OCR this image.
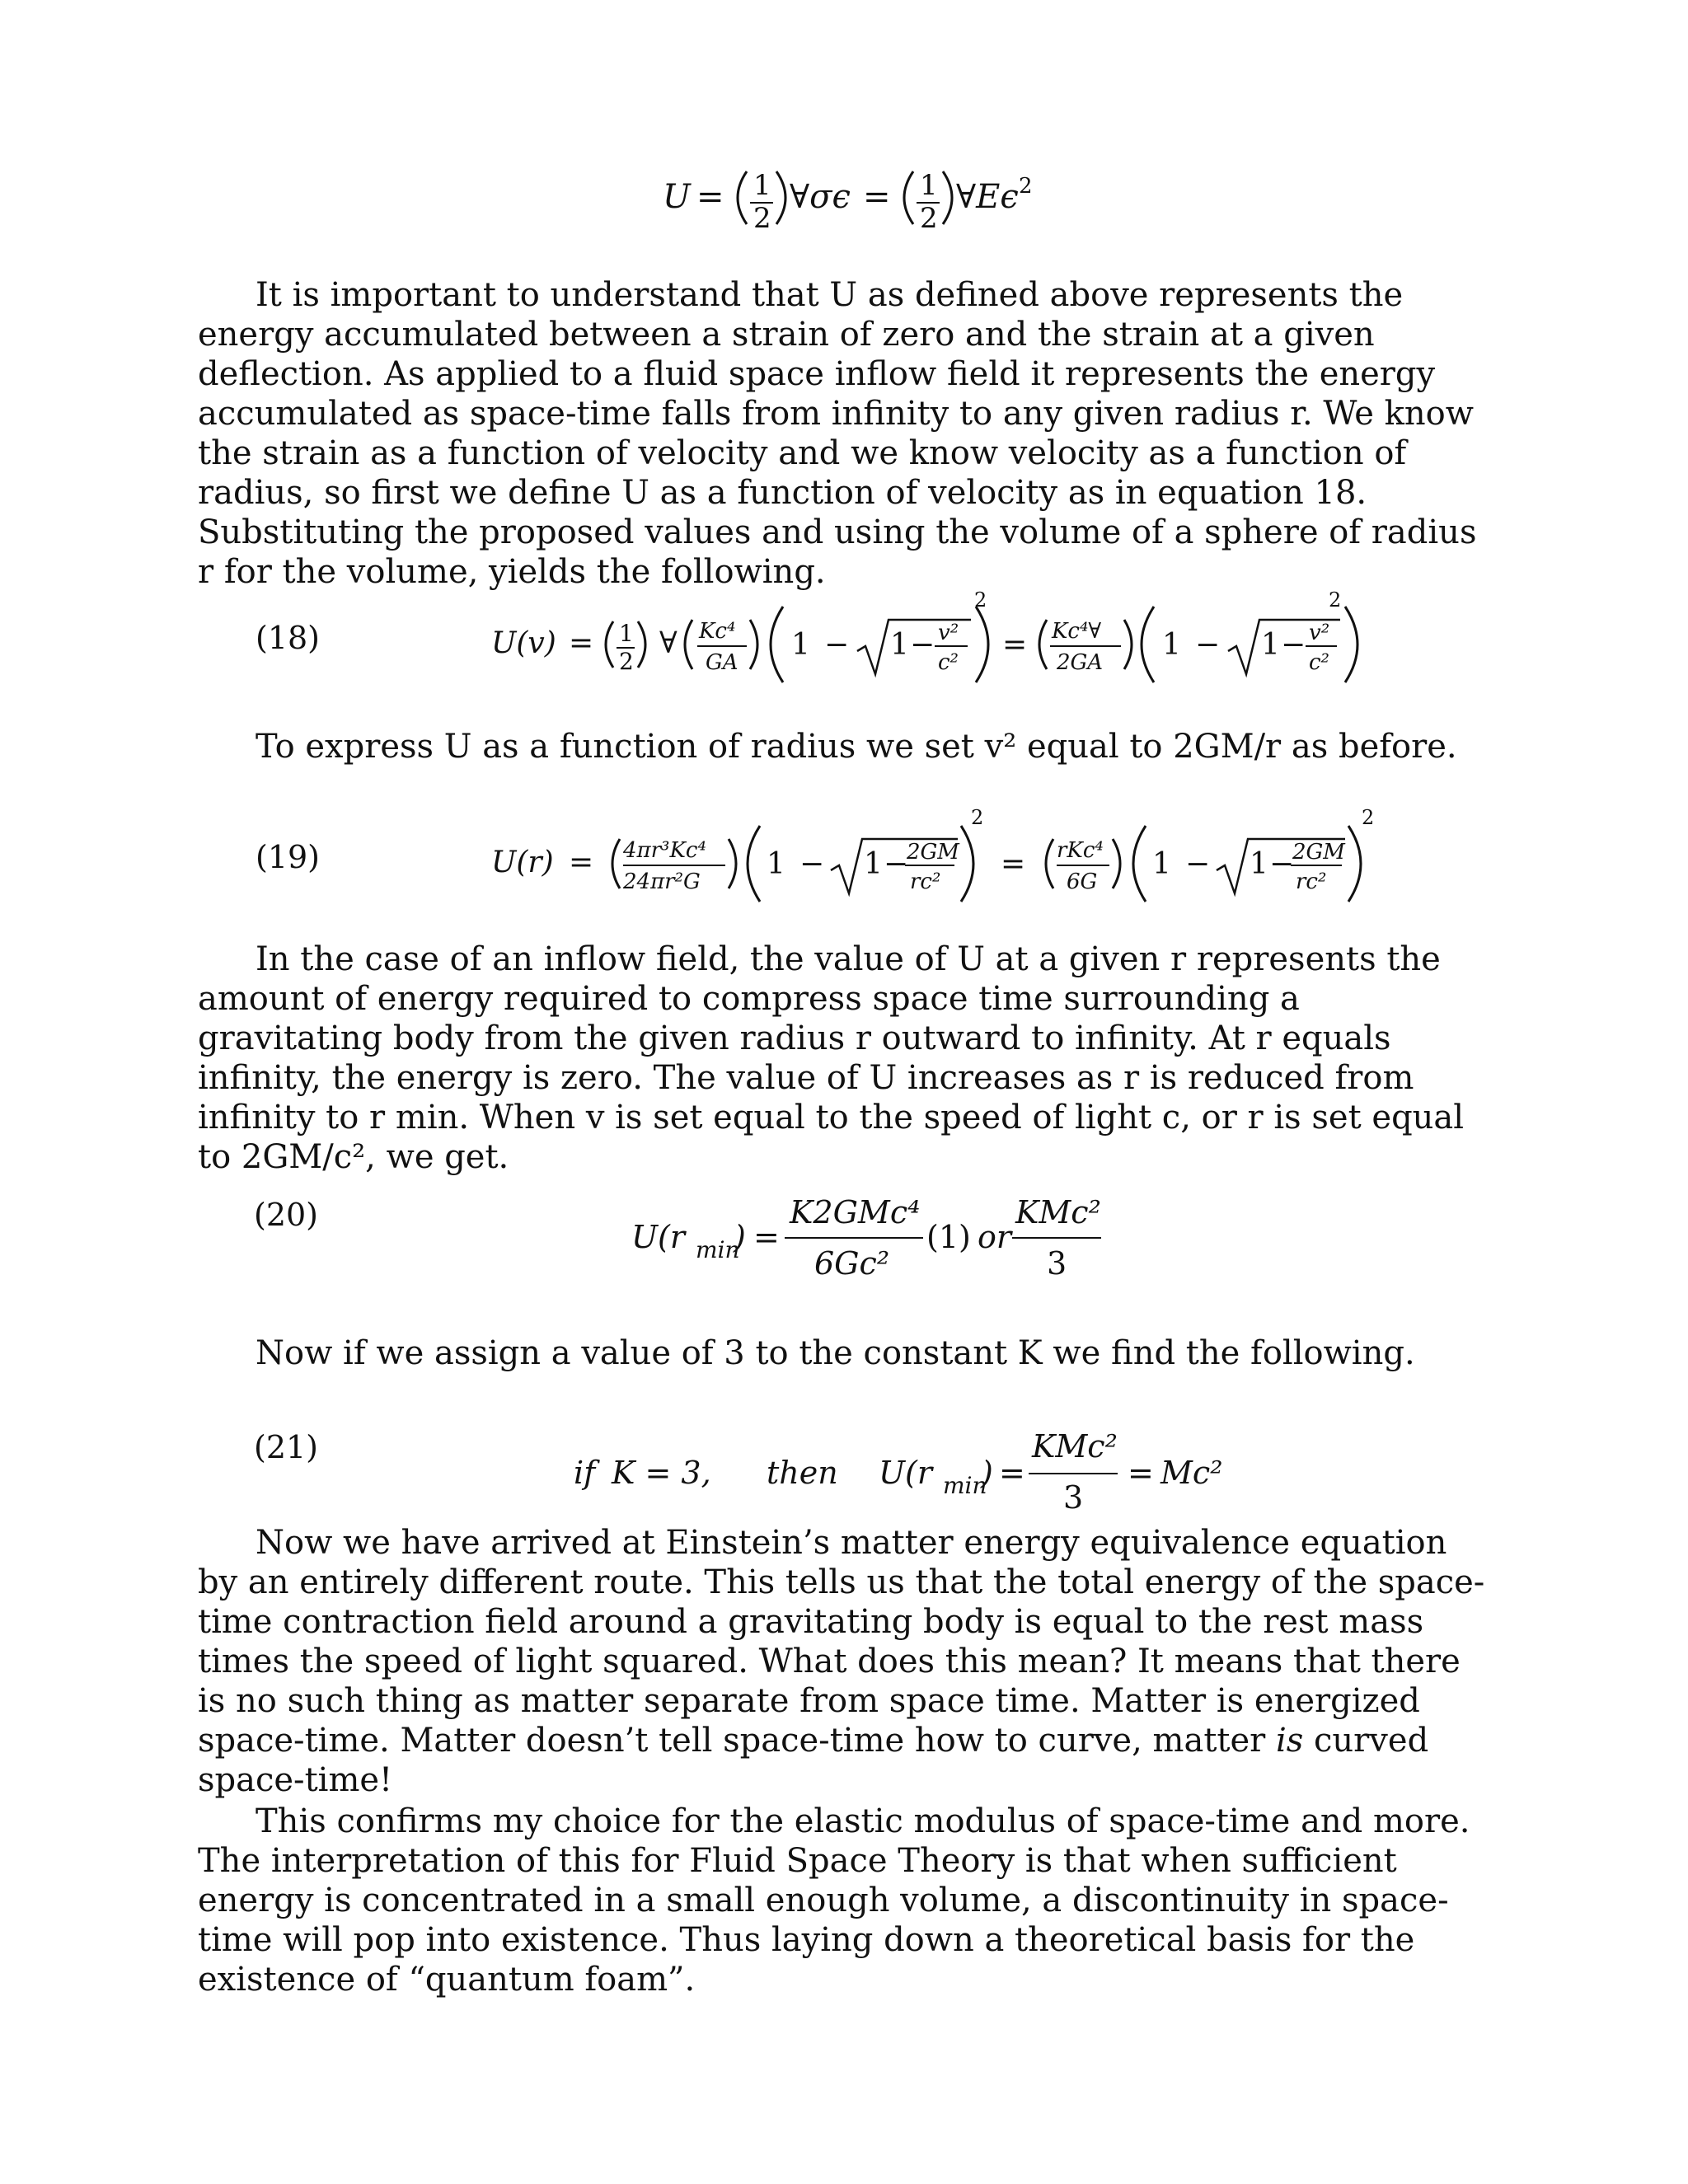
U = 1
2
∀σϵ = 1
2
∀Eϵ 2
It is important to understand that U as defined above represents the energy accumulated between a strain of zero and the strain at a given deflection. As applied to a fluid space inflow field it represents the energy accumulated as space-time falls from infinity to any given radius r. We know the strain as a function of velocity and we know velocity as a function of radius, so first we define U as a function of velocity as in equation 18. Substituting the proposed values and using the volume of a sphere of radius r for the volume, yields the following.
(18)	U(v) = 1
2
∀ Kc⁴
GA
1 − 1 − v²
c²
2
= Kc⁴∀
2GA
1 − 1 − v²
c²
2
To express U as a function of radius we set v² equal to 2GM/r as before.
(19)	U(r) = 4πr³Kc⁴
24πr²G
1 − 1 −
2GM
rc²
2
= rKc⁴
6G
1 − 1 −
2GM
rc²
2
In the case of an inflow field, the value of U at a given r represents the amount of energy required to compress space time surrounding a gravitating body from the given radius r outward to infinity. At r equals infinity, the energy is zero. The value of U increases as r is reduced from infinity to r min. When v is set equal to the speed of light c, or r is set equal to 2GM/c², we get.
(20)
U(r min
) =
K2GMc⁴
6Gc²
(1) or
KMc²
3
Now if we assign a value of 3 to the constant K we find the following.
(21)
if K = 3, then U(r min
) =
KMc²
3
= Mc²
Now we have arrived at Einstein’s matter energy equivalence equation by an entirely different route. This tells us that the total energy of the space-time contraction field around a gravitating body is equal to the rest mass times the speed of light squared. What does this mean? It means that there is no such thing as matter separate from space time. Matter is energized space-time. Matter doesn’t tell space-time how to curve, matter is curved space-time!
This confirms my choice for the elastic modulus of space-time and more. The interpretation of this for Fluid Space Theory is that when sufficient energy is concentrated in a small enough volume, a discontinuity in space-time will pop into existence. Thus laying down a theoretical basis for the existence of “quantum foam”.
